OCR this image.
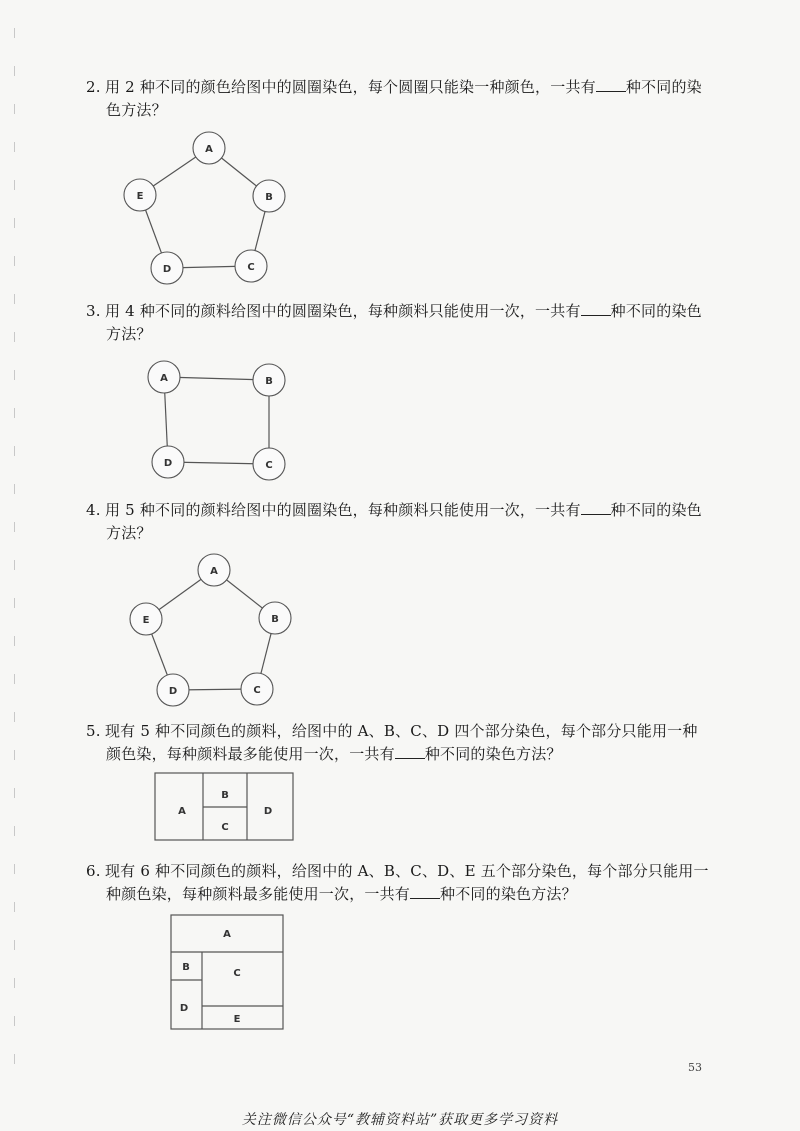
2. 用 2 种不同的颜色给图中的圆圈染色，每个圆圈只能染一种颜色，一共有 种不同的染
色方法？
A
B
C
D
E
3. 用 4 种不同的颜料给图中的圆圈染色，每种颜料只能使用一次，一共有 种不同的染色
方法？
A	B
C
D
4. 用 5 种不同的颜料给图中的圆圈染色，每种颜料只能使用一次，一共有 种不同的染色
方法？
A
B
C
D
E
5. 现有 5 种不同颜色的颜料，给图中的 A、B、C、D 四个部分染色，每个部分只能用一种
颜色染，每种颜料最多能使用一次，一共有 种不同的染色方法？
A
B
C
D
6. 现有 6 种不同颜色的颜料，给图中的 A、B、C、D、E 五个部分染色，每个部分只能用一
种颜色染，每种颜料最多能使用一次，一共有 种不同的染色方法？
A
B
C
D
E
53
关注微信公众号“教辅资料站”获取更多学习资料
